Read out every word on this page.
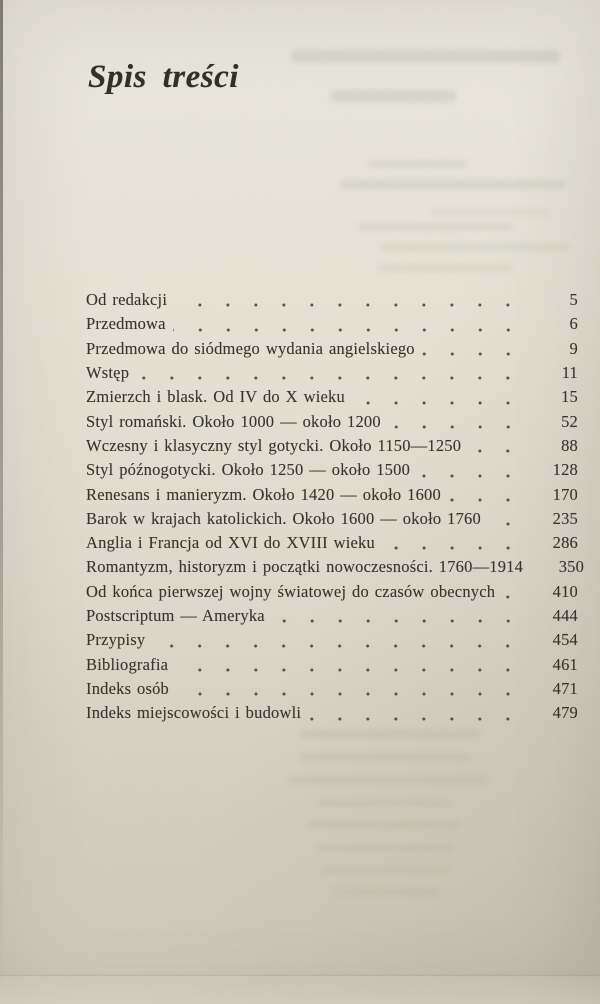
Spis treści
Od redakcji	5
Przedmowa	6
Przedmowa do siódmego wydania angielskiego	9
Wstęp	11
Zmierzch i blask. Od IV do X wieku	15
Styl romański. Około 1000 — około 1200	52
Wczesny i klasyczny styl gotycki. Około 1150—1250	88
Styl późnogotycki. Około 1250 — około 1500	128
Renesans i manieryzm. Około 1420 — około 1600	170
Barok w krajach katolickich. Około 1600 — około 1760	235
Anglia i Francja od XVI do XVIII wieku	286
Romantyzm, historyzm i początki nowoczesności. 1760—1914	350
Od końca pierwszej wojny światowej do czasów obecnych	410
Postscriptum — Ameryka	444
Przypisy	454
Bibliografia	461
Indeks osób	471
Indeks miejscowości i budowli	479
